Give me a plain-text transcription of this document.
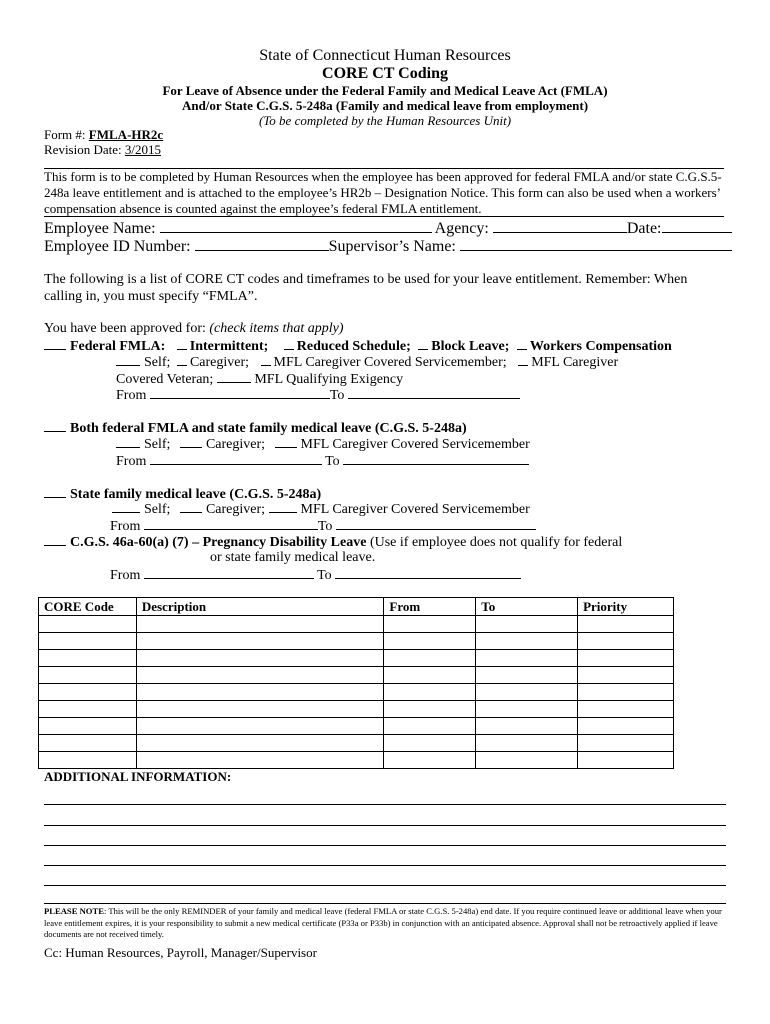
State of Connecticut Human Resources
CORE CT Coding
For Leave of Absence under the Federal Family and Medical Leave Act (FMLA)
And/or State C.G.S. 5-248a (Family and medical leave from employment)
(To be completed by the Human Resources Unit)
Form #: FMLA-HR2c
Revision Date: 3/2015
This form is to be completed by Human Resources when the employee has been approved for federal FMLA and/or state C.G.S.5-
248a leave entitlement and is attached to the employee’s HR2b – Designation Notice. This form can also be used when a workers’
compensation absence is counted against the employee’s federal FMLA entitlement.
Employee Name:	Agency:	Date:
Employee ID Number:	Supervisor’s Name:
The following is a list of CORE CT codes and timeframes to be used for your leave entitlement. Remember: When
calling in, you must specify “FMLA”.
You have been approved for: (check items that apply)
Federal FMLA: Intermittent; Reduced Schedule; Block Leave; Workers Compensation
Self; Caregiver; MFL Caregiver Covered Servicemember; MFL Caregiver
Covered Veteran;	MFL Qualifying Exigency
From	To
Both federal FMLA and state family medical leave (C.G.S. 5-248a)
Self;	Caregiver;	MFL Caregiver Covered Servicemember
From	To
State family medical leave (C.G.S. 5-248a)
Self;	Caregiver;	MFL Caregiver Covered Servicemember
From	To
C.G.S. 46a-60(a) (7) – Pregnancy Disability Leave (Use if employee does not qualify for federal
or state family medical leave.
From	To
CORE Code	Description	From	To	Priority

ADDITIONAL INFORMATION:
PLEASE NOTE: This will be the only REMINDER of your family and medical leave (federal FMLA or state C.G.S. 5-248a) end date. If you require continued leave or additional leave when your leave entitlement expires, it is your responsibility to submit a new medical certificate (P33a or P33b) in conjunction with an anticipated absence. Approval shall not be retroactively applied if leave documents are not received timely.
Cc: Human Resources, Payroll, Manager/Supervisor
